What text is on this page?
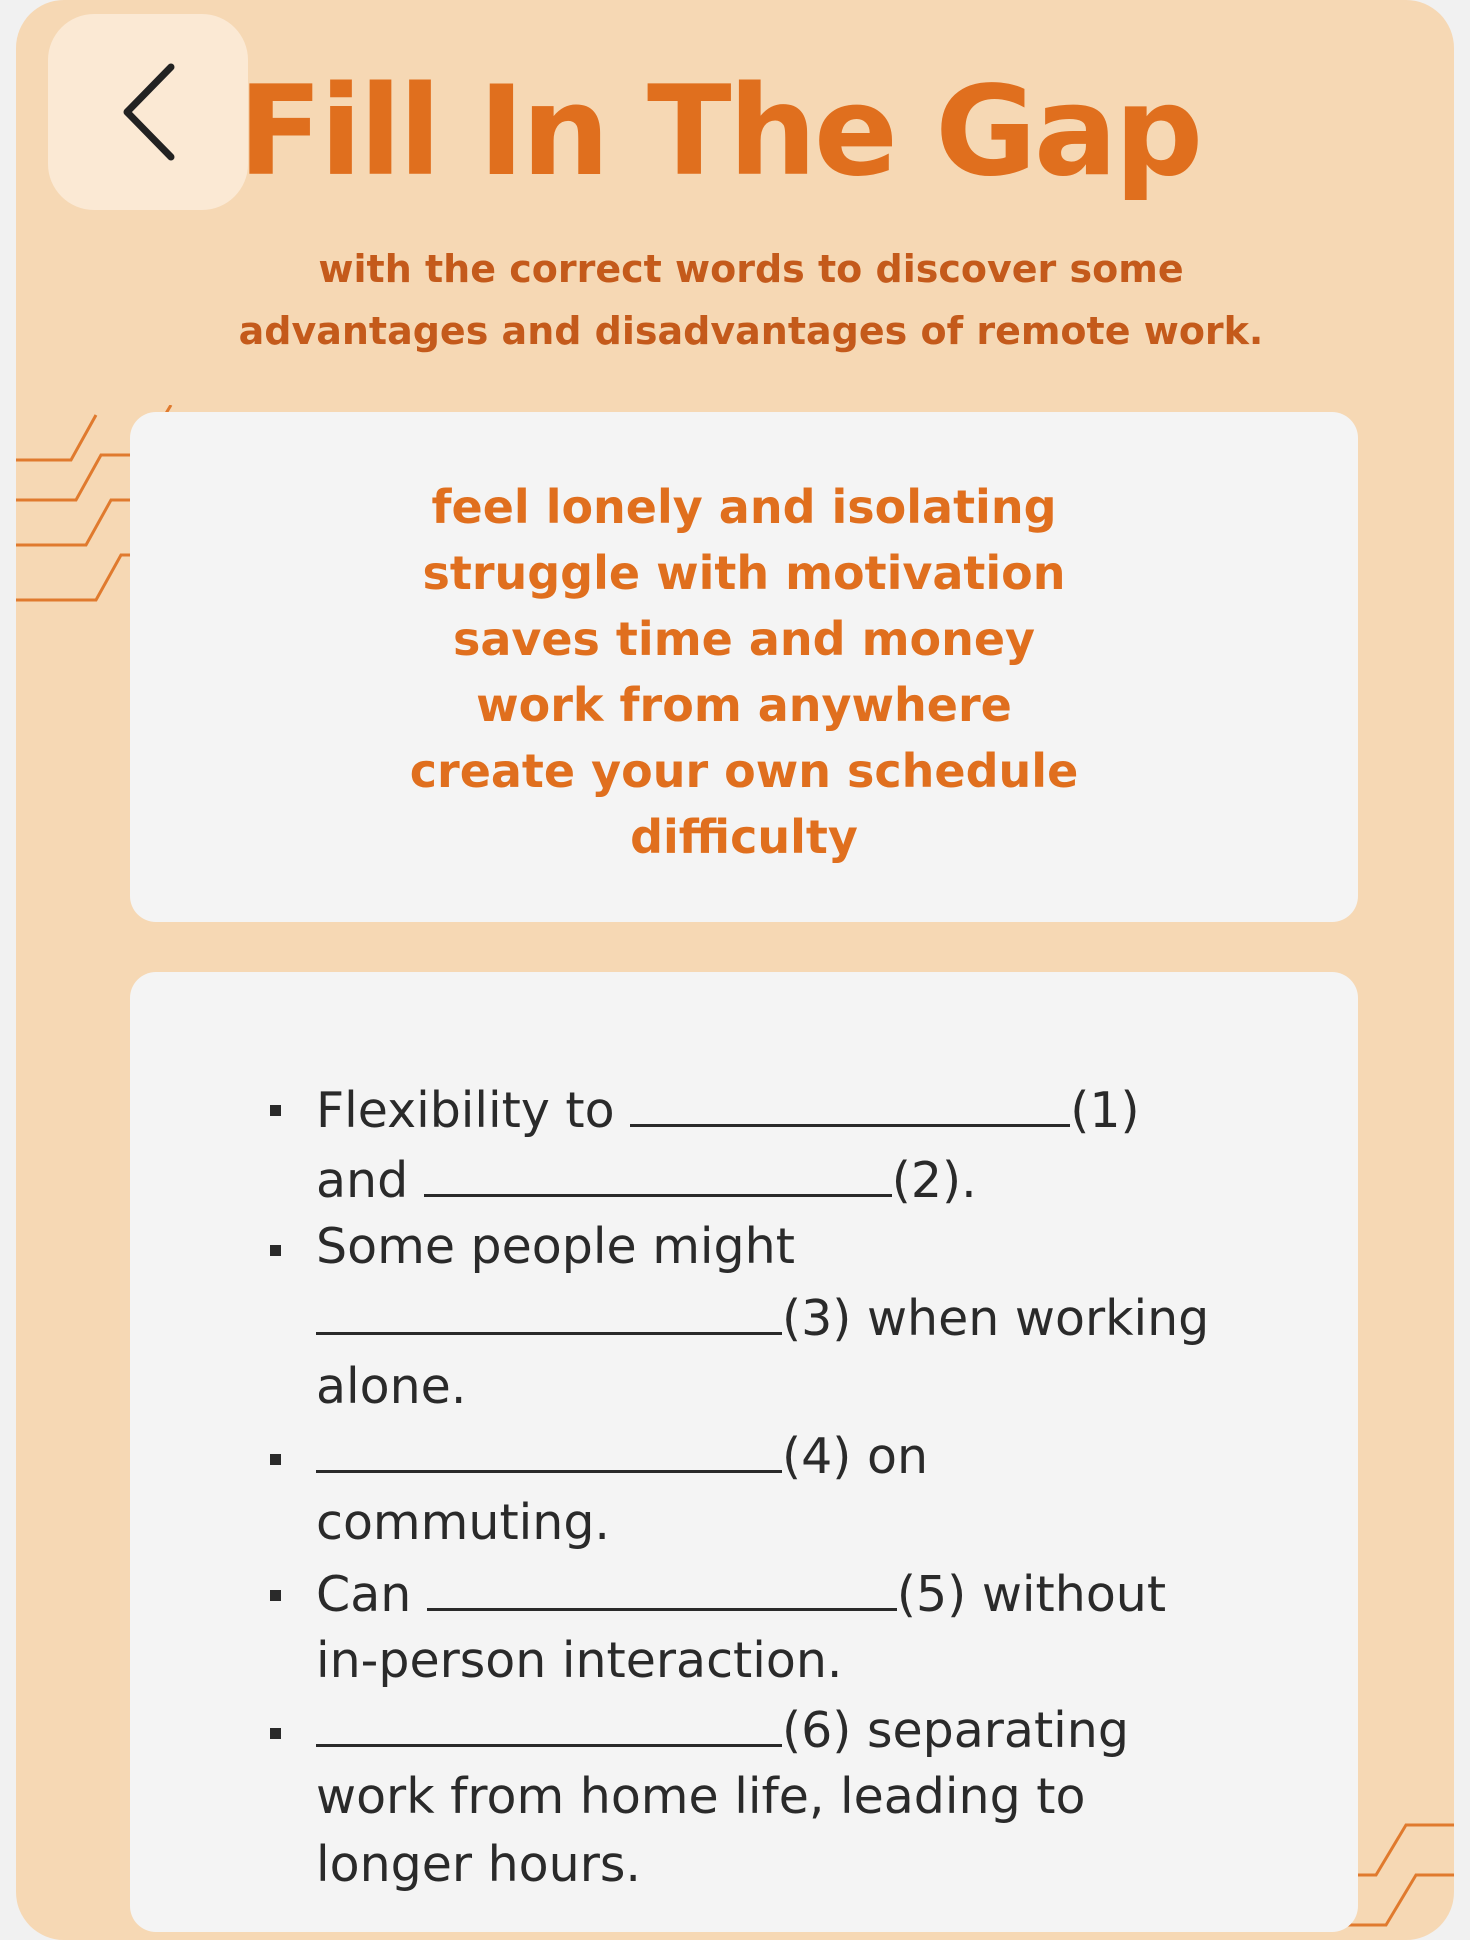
Fill In The Gap
with the correct words to discover some
advantages and disadvantages of remote work.
feel lonely and isolating
struggle with motivation
saves time and money
work from anywhere
create your own schedule
difficulty
Flexibility to	(1)
and	(2).
Some people might
(3) when working
alone.
(4) on
commuting.
Can	(5) without
in-person interaction.
(6) separating
work from home life, leading to
longer hours.
